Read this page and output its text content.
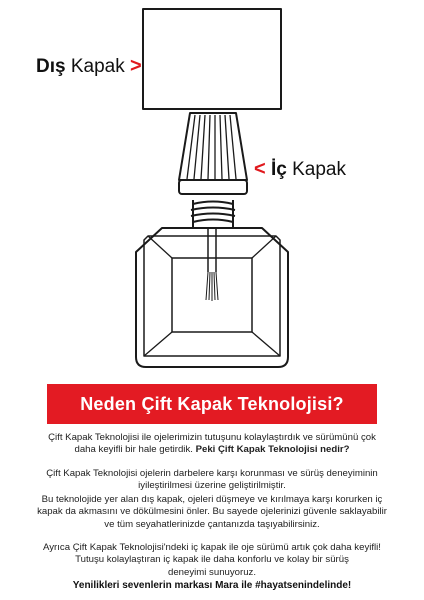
Dış Kapak >
< İç Kapak
Neden Çift Kapak Teknolojisi?
Çift Kapak Teknolojisi ile ojelerimizin tutuşunu kolaylaştırdık ve sürümünü çok
daha keyifli bir hale getirdik. Peki Çift Kapak Teknolojisi nedir?
Çift Kapak Teknolojisi ojelerin darbelere karşı korunması ve sürüş deneyiminin
iyileştirilmesi üzerine geliştirilmiştir.
Bu teknolojide yer alan dış kapak, ojeleri düşmeye ve kırılmaya karşı korurken iç
kapak da akmasını ve dökülmesini önler. Bu sayede ojelerinizi güvenle saklayabilir
ve tüm seyahatlerinizde çantanızda taşıyabilirsiniz.
Ayrıca Çift Kapak Teknolojisi'ndeki iç kapak ile oje sürümü artık çok daha keyifli!
Tutuşu kolaylaştıran iç kapak ile daha konforlu ve kolay bir sürüş
deneyimi sunuyoruz.
Yenilikleri sevenlerin markası Mara ile #hayatsenindelinde!
